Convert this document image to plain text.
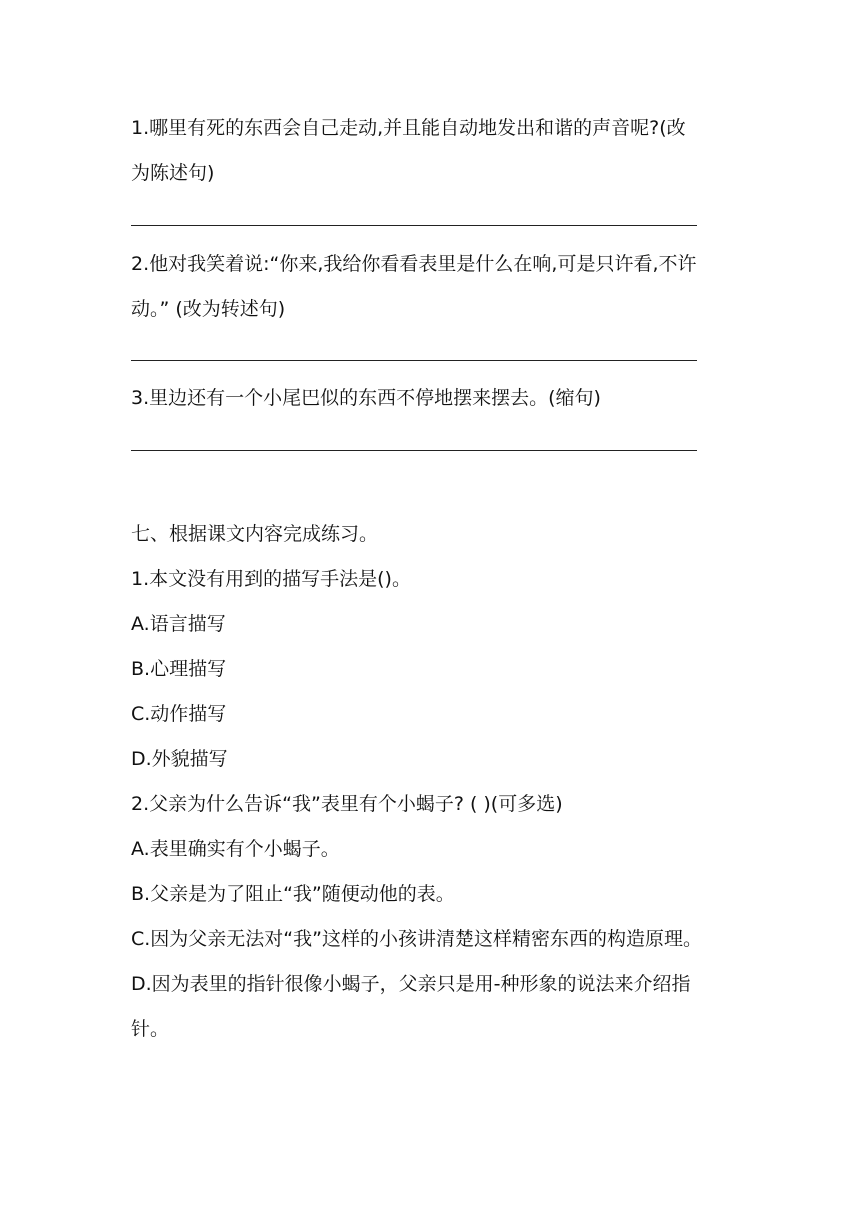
1.哪里有死的东西会自己走动,并且能自动地发出和谐的声音呢?(改
为陈述句)
2.他对我笑着说:“你来,我给你看看表里是什么在响,可是只许看,不许
动。” (改为转述句)
3.里边还有一个小尾巴似的东西不停地摆来摆去。(缩句)
七、根据课文内容完成练习。
1.本文没有用到的描写手法是()。
A.语言描写
B.心理描写
C.动作描写
D.外貌描写
2.父亲为什么告诉“我”表里有个小蝎子? ( )(可多选)
A.表里确实有个小蝎子。
B.父亲是为了阻止“我”随便动他的表。
C.因为父亲无法对“我”这样的小孩讲清楚这样精密东西的构造原理。
D.因为表里的指针很像小蝎子，父亲只是用-种形象的说法来介绍指
针。
